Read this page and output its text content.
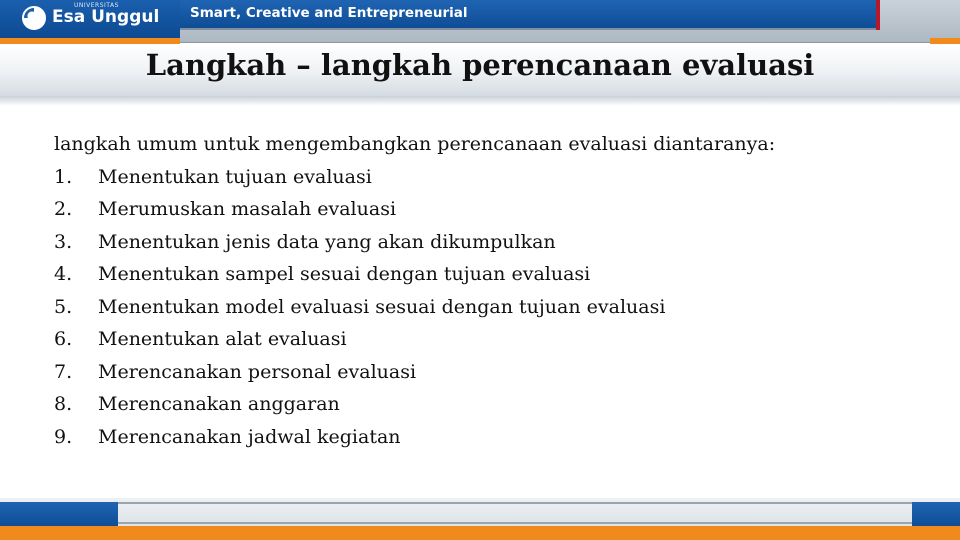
UNIVERSITAS
Esa Unggul Smart, Creative and Entrepreneurial
Langkah – langkah perencanaan evaluasi

langkah umum untuk mengembangkan perencanaan evaluasi diantaranya:

1.	Menentukan tujuan evaluasi
2.	Merumuskan masalah evaluasi
3.	Menentukan jenis data yang akan dikumpulkan
4.	Menentukan sampel sesuai dengan tujuan evaluasi
5.	Menentukan model evaluasi sesuai dengan tujuan evaluasi
6.	Menentukan alat evaluasi
7.	Merencanakan personal evaluasi
8.	Merencanakan anggaran
9.	Merencanakan jadwal kegiatan
